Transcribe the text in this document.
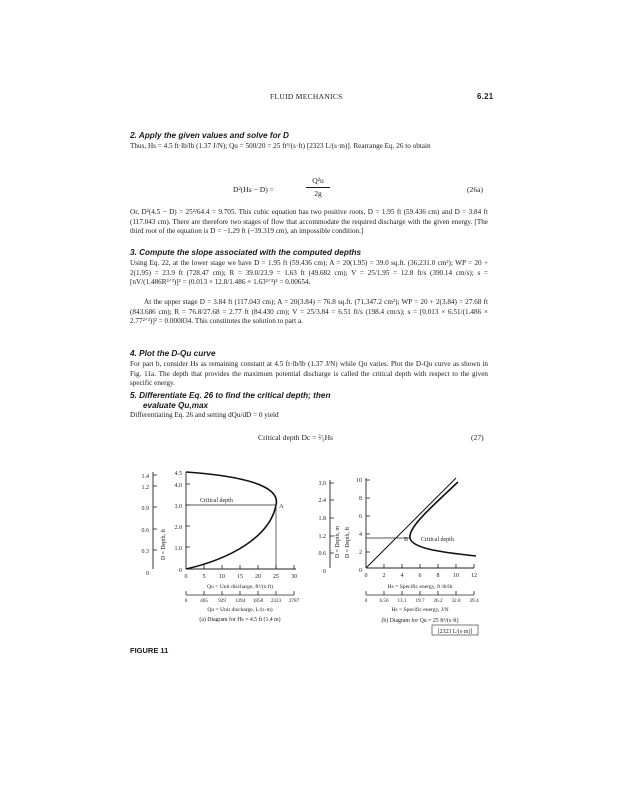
FLUID MECHANICS	6.21
2. Apply the given values and solve for D
Thus, Hs = 4.5 ft·lb/lb (1.37 J/N); Qu = 500/20 = 25 ft³/(s·ft) [2323 L/(s·m)]. Rearrange Eq. 26 to obtain
D²(Hs − D) =
Q²u
2g	(26a)
Or, D²(4.5 − D) = 25²/64.4 = 9.705. This cubic equation has two positive roots, D = 1.95 ft (59.436 cm) and D = 3.84 ft (117.043 cm). There are therefore two stages of flow that accommodate the required discharge with the given energy. [The third root of the equation is D = −1.29 ft (−39.319 cm), an impossible condition.]
3. Compute the slope associated with the computed depths
Using Eq. 22, at the lower stage we have D = 1.95 ft (59.436 cm); A = 20(1.95) = 39.0 sq.ft. (36,231.0 cm²); WP = 20 + 2(1.95) = 23.9 ft (728.47 cm); R = 39.0/23.9 = 1.63 ft (49.682 cm); V = 25/1.95 = 12.8 ft/s (390.14 cm/s); s = [nV/(1.486R²ᐟ³)]² = (0.013 × 12.8/1.486 × 1.63²ᐟ³)² = 0.00654.
At the upper stage D = 3.84 ft (117.043 cm); A = 20(3.84) = 76.8 sq.ft. (71,347.2 cm²); WP = 20 + 2(3.84) = 27.68 ft (843.686 cm); R = 76.8/27.68 = 2.77 ft (84.430 cm); V = 25/3.84 = 6.51 ft/s (198.4 cm/s); s = [0.013 × 6.51/(1.486 × 2.77²ᐟ³)]² = 0.000834. This constitutes the solution to part a.
4. Plot the D-Qu curve
For part b, consider Hs as remaining constant at 4.5 ft·lb/lb (1.37 J/N) while Qu varies. Plot the D-Qu curve as shown in Fig. 11a. The depth that provides the maximum potential discharge is called the critical depth with respect to the given specific energy.
5. Differentiate Eq. 26 to find the critical depth; then
evaluate Qu,max
Differentiating Eq. 26 and setting dQu/dD = 0 yield
Critical depth Dc = ²⁄₃Hs	(27)
1.4
1.2
0.9
0.6
0.3
0
D = Depth, ft
4.5
4.0
3.0
2.0
1.0
0
Critical depth
A
0	5 10 15 20 25 30
Qu = Unit discharge, ft³/(s·ft)
0 465 929 1394 1858 2323 2787
Qu = Unit discharge, L/(s·m)
(a) Diagram for Hs = 4.5 ft (1.4 m)
3.0
2.4
1.8
1.2
0.6
0
D = Depth, m D = Depth, ft
10
8
6
4
2
0
B Critical depth
0	2	4	6	8 10 12
Hs = Specific energy, ft·lb/lb
0 6.56 13.1 19.7 26.2 32.8 39.4
Hs = Specific energy, J/N
(b) Diagram for Qu = 25 ft³/(s·ft)
[2323 L/(s·m)]
FIGURE 11
